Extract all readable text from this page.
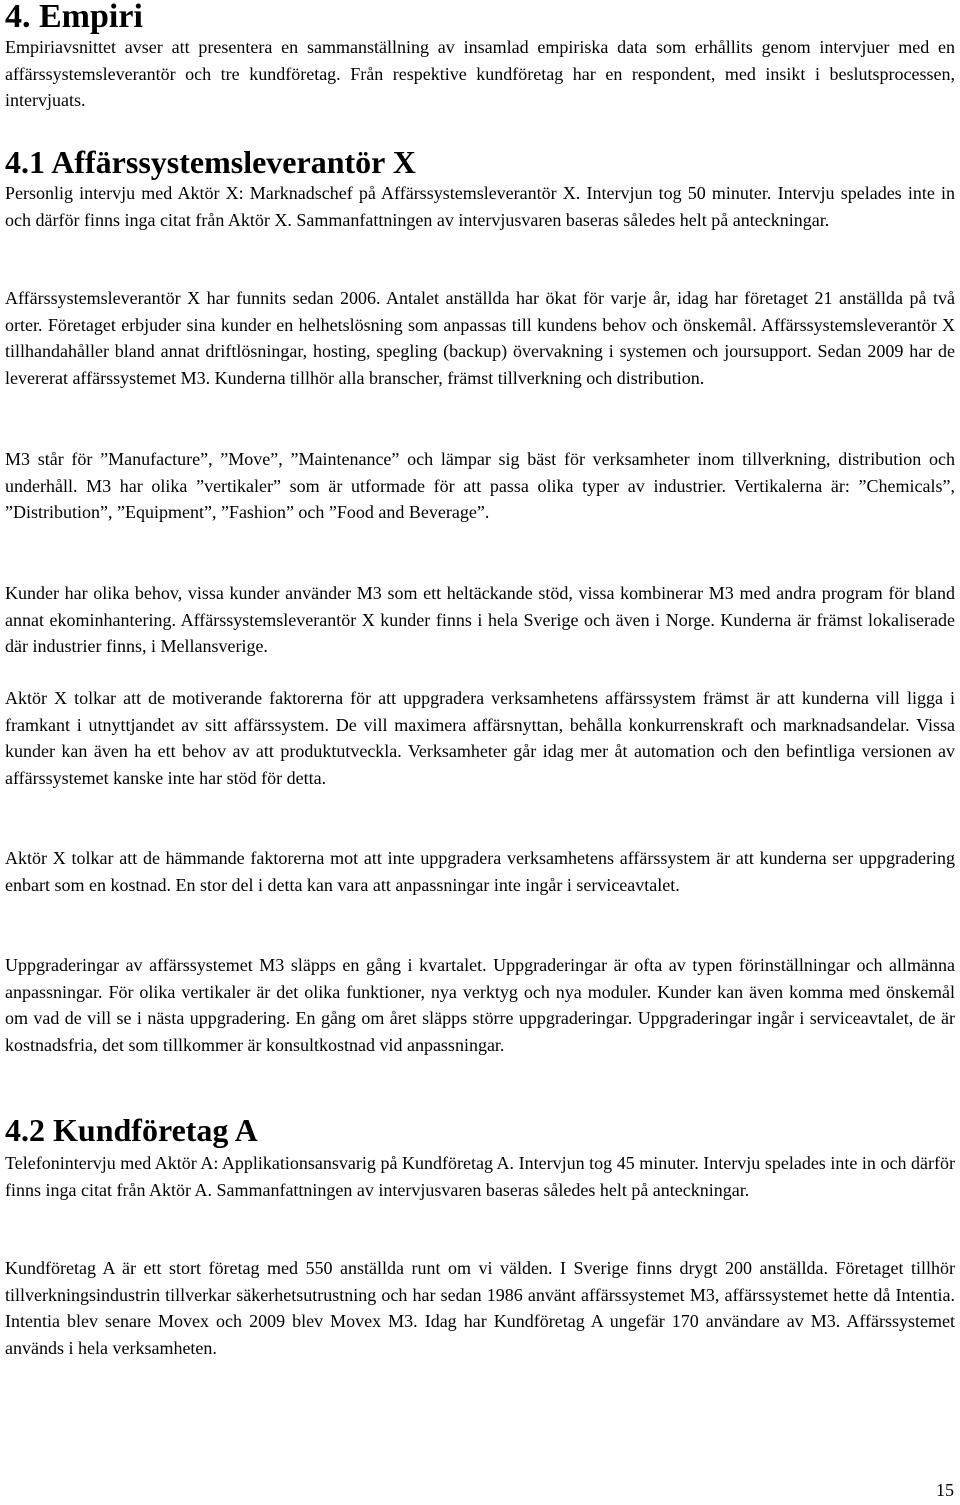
4. Empiri

Empiriavsnittet avser att presentera en sammanställning av insamlad empiriska data som erhållits genom intervjuer med en affärssystemsleverantör och tre kundföretag. Från respektive kundföretag har en respondent, med insikt i beslutsprocessen, intervjuats.

4.1 Affärssystemsleverantör X

Personlig intervju med Aktör X: Marknadschef på Affärssystemsleverantör X. Intervjun tog 50 minuter. Intervju spelades inte in och därför finns inga citat från Aktör X. Sammanfattningen av intervjusvaren baseras således helt på anteckningar.

Affärssystemsleverantör X har funnits sedan 2006. Antalet anställda har ökat för varje år, idag har företaget 21 anställda på två orter. Företaget erbjuder sina kunder en helhetslösning som anpassas till kundens behov och önskemål. Affärssystemsleverantör X tillhandahåller bland annat driftlösningar, hosting, spegling (backup) övervakning i systemen och joursupport. Sedan 2009 har de levererat affärssystemet M3. Kunderna tillhör alla branscher, främst tillverkning och distribution.

M3 står för ”Manufacture”, ”Move”, ”Maintenance” och lämpar sig bäst för verksamheter inom tillverkning, distribution och underhåll. M3 har olika ”vertikaler” som är utformade för att passa olika typer av industrier. Vertikalerna är: ”Chemicals”, ”Distribution”, ”Equipment”, ”Fashion” och ”Food and Beverage”.

Kunder har olika behov, vissa kunder använder M3 som ett heltäckande stöd, vissa kombinerar M3 med andra program för bland annat ekominhantering. Affärssystemsleverantör X kunder finns i hela Sverige och även i Norge. Kunderna är främst lokaliserade där industrier finns, i Mellansverige.

Aktör X tolkar att de motiverande faktorerna för att uppgradera verksamhetens affärssystem främst är att kunderna vill ligga i framkant i utnyttjandet av sitt affärssystem. De vill maximera affärsnyttan, behålla konkurrenskraft och marknadsandelar. Vissa kunder kan även ha ett behov av att produktutveckla. Verksamheter går idag mer åt automation och den befintliga versionen av affärssystemet kanske inte har stöd för detta.

Aktör X tolkar att de hämmande faktorerna mot att inte uppgradera verksamhetens affärssystem är att kunderna ser uppgradering enbart som en kostnad. En stor del i detta kan vara att anpassningar inte ingår i serviceavtalet.

Uppgraderingar av affärssystemet M3 släpps en gång i kvartalet. Uppgraderingar är ofta av typen förinställningar och allmänna anpassningar. För olika vertikaler är det olika funktioner, nya verktyg och nya moduler. Kunder kan även komma med önskemål om vad de vill se i nästa uppgradering. En gång om året släpps större uppgraderingar. Uppgraderingar ingår i serviceavtalet, de är kostnadsfria, det som tillkommer är konsultkostnad vid anpassningar.

4.2 Kundföretag A

Telefonintervju med Aktör A: Applikationsansvarig på Kundföretag A. Intervjun tog 45 minuter. Intervju spelades inte in och därför finns inga citat från Aktör A. Sammanfattningen av intervjusvaren baseras således helt på anteckningar.

Kundföretag A är ett stort företag med 550 anställda runt om vi välden. I Sverige finns drygt 200 anställda. Företaget tillhör tillverkningsindustrin tillverkar säkerhetsutrustning och har sedan 1986 använt affärssystemet M3, affärssystemet hette då Intentia. Intentia blev senare Movex och 2009 blev Movex M3. Idag har Kundföretag A ungefär 170 användare av M3. Affärssystemet används i hela verksamheten.

15
